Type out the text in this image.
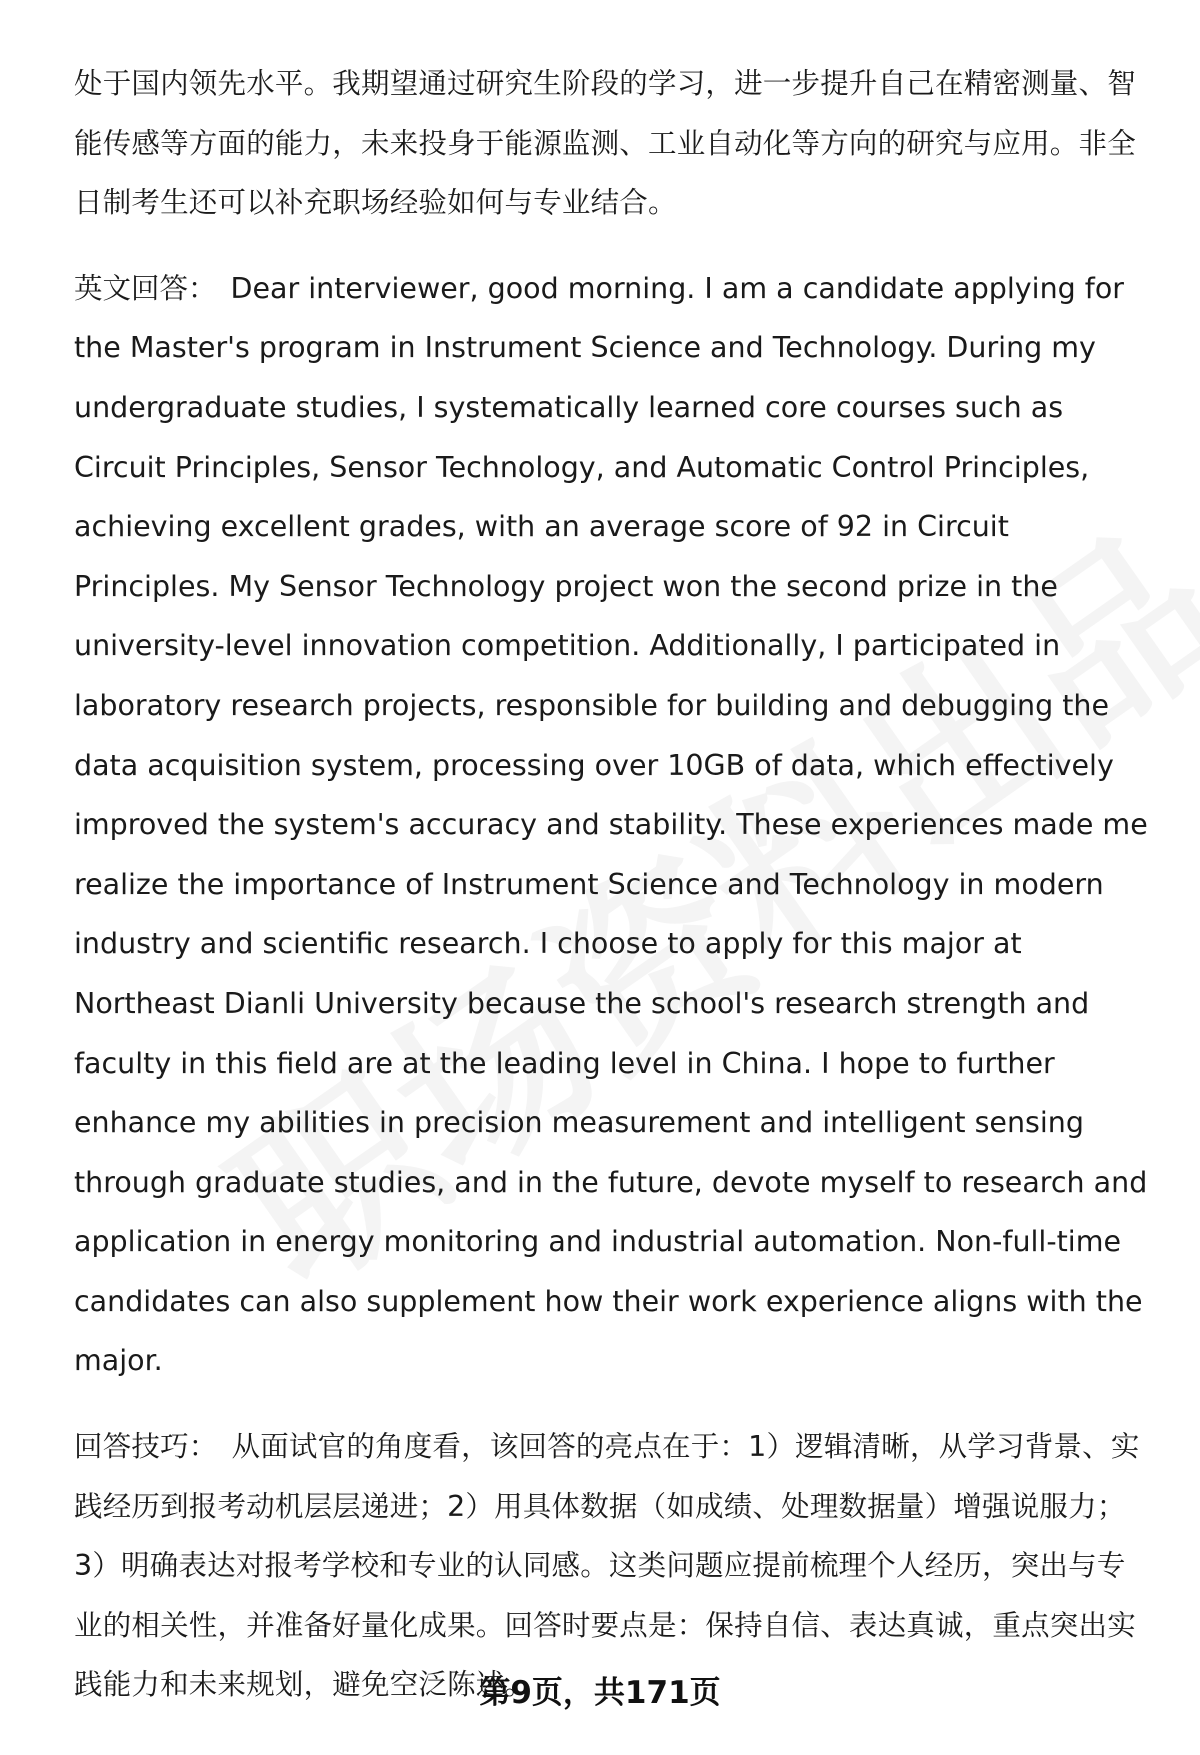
处于国内领先水平。我期望通过研究生阶段的学习，进一步提升自己在精密测量、智能传感等方面的能力，未来投身于能源监测、工业自动化等方向的研究与应用。非全日制考生还可以补充职场经验如何与专业结合。

英文回答： Dear interviewer, good morning. I am a candidate applying for the Master's program in Instrument Science and Technology. During my undergraduate studies, I systematically learned core courses such as Circuit Principles, Sensor Technology, and Automatic Control Principles, achieving excellent grades, with an average score of 92 in Circuit Principles. My Sensor Technology project won the second prize in the university-level innovation competition. Additionally, I participated in laboratory research projects, responsible for building and debugging the data acquisition system, processing over 10GB of data, which effectively improved the system's accuracy and stability. These experiences made me realize the importance of Instrument Science and Technology in modern industry and scientific research. I choose to apply for this major at Northeast Dianli University because the school's research strength and faculty in this field are at the leading level in China. I hope to further enhance my abilities in precision measurement and intelligent sensing through graduate studies, and in the future, devote myself to research and application in energy monitoring and industrial automation. Non-full-time candidates can also supplement how their work experience aligns with the major.

回答技巧： 从面试官的角度看，该回答的亮点在于：1）逻辑清晰，从学习背景、实践经历到报考动机层层递进；2）用具体数据（如成绩、处理数据量）增强说服力；3）明确表达对报考学校和专业的认同感。这类问题应提前梳理个人经历，突出与专业的相关性，并准备好量化成果。回答时要点是：保持自信、表达真诚，重点突出实践能力和未来规划，避免空泛陈述。

第9页，共171页
